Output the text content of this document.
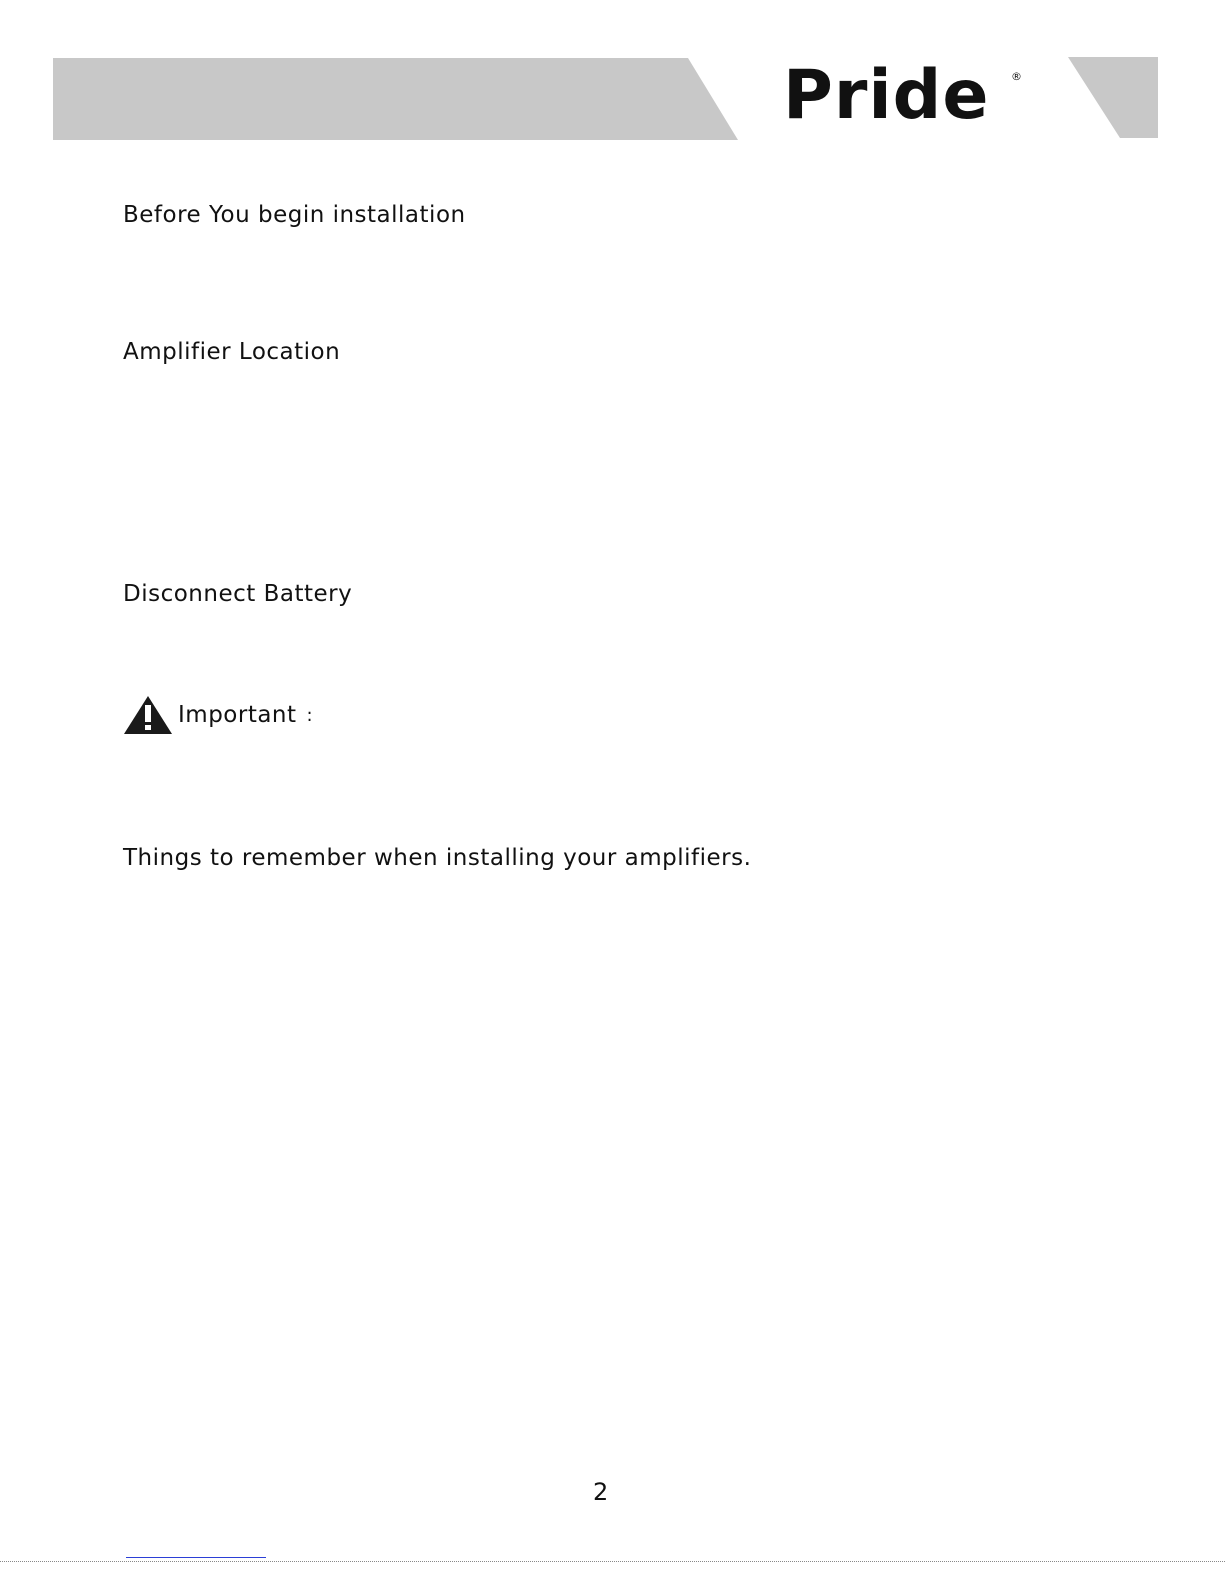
Pride ®
Before You begin installation
Amplifier Location
Disconnect Battery
Important :
Things to remember when installing your amplifiers.
2
